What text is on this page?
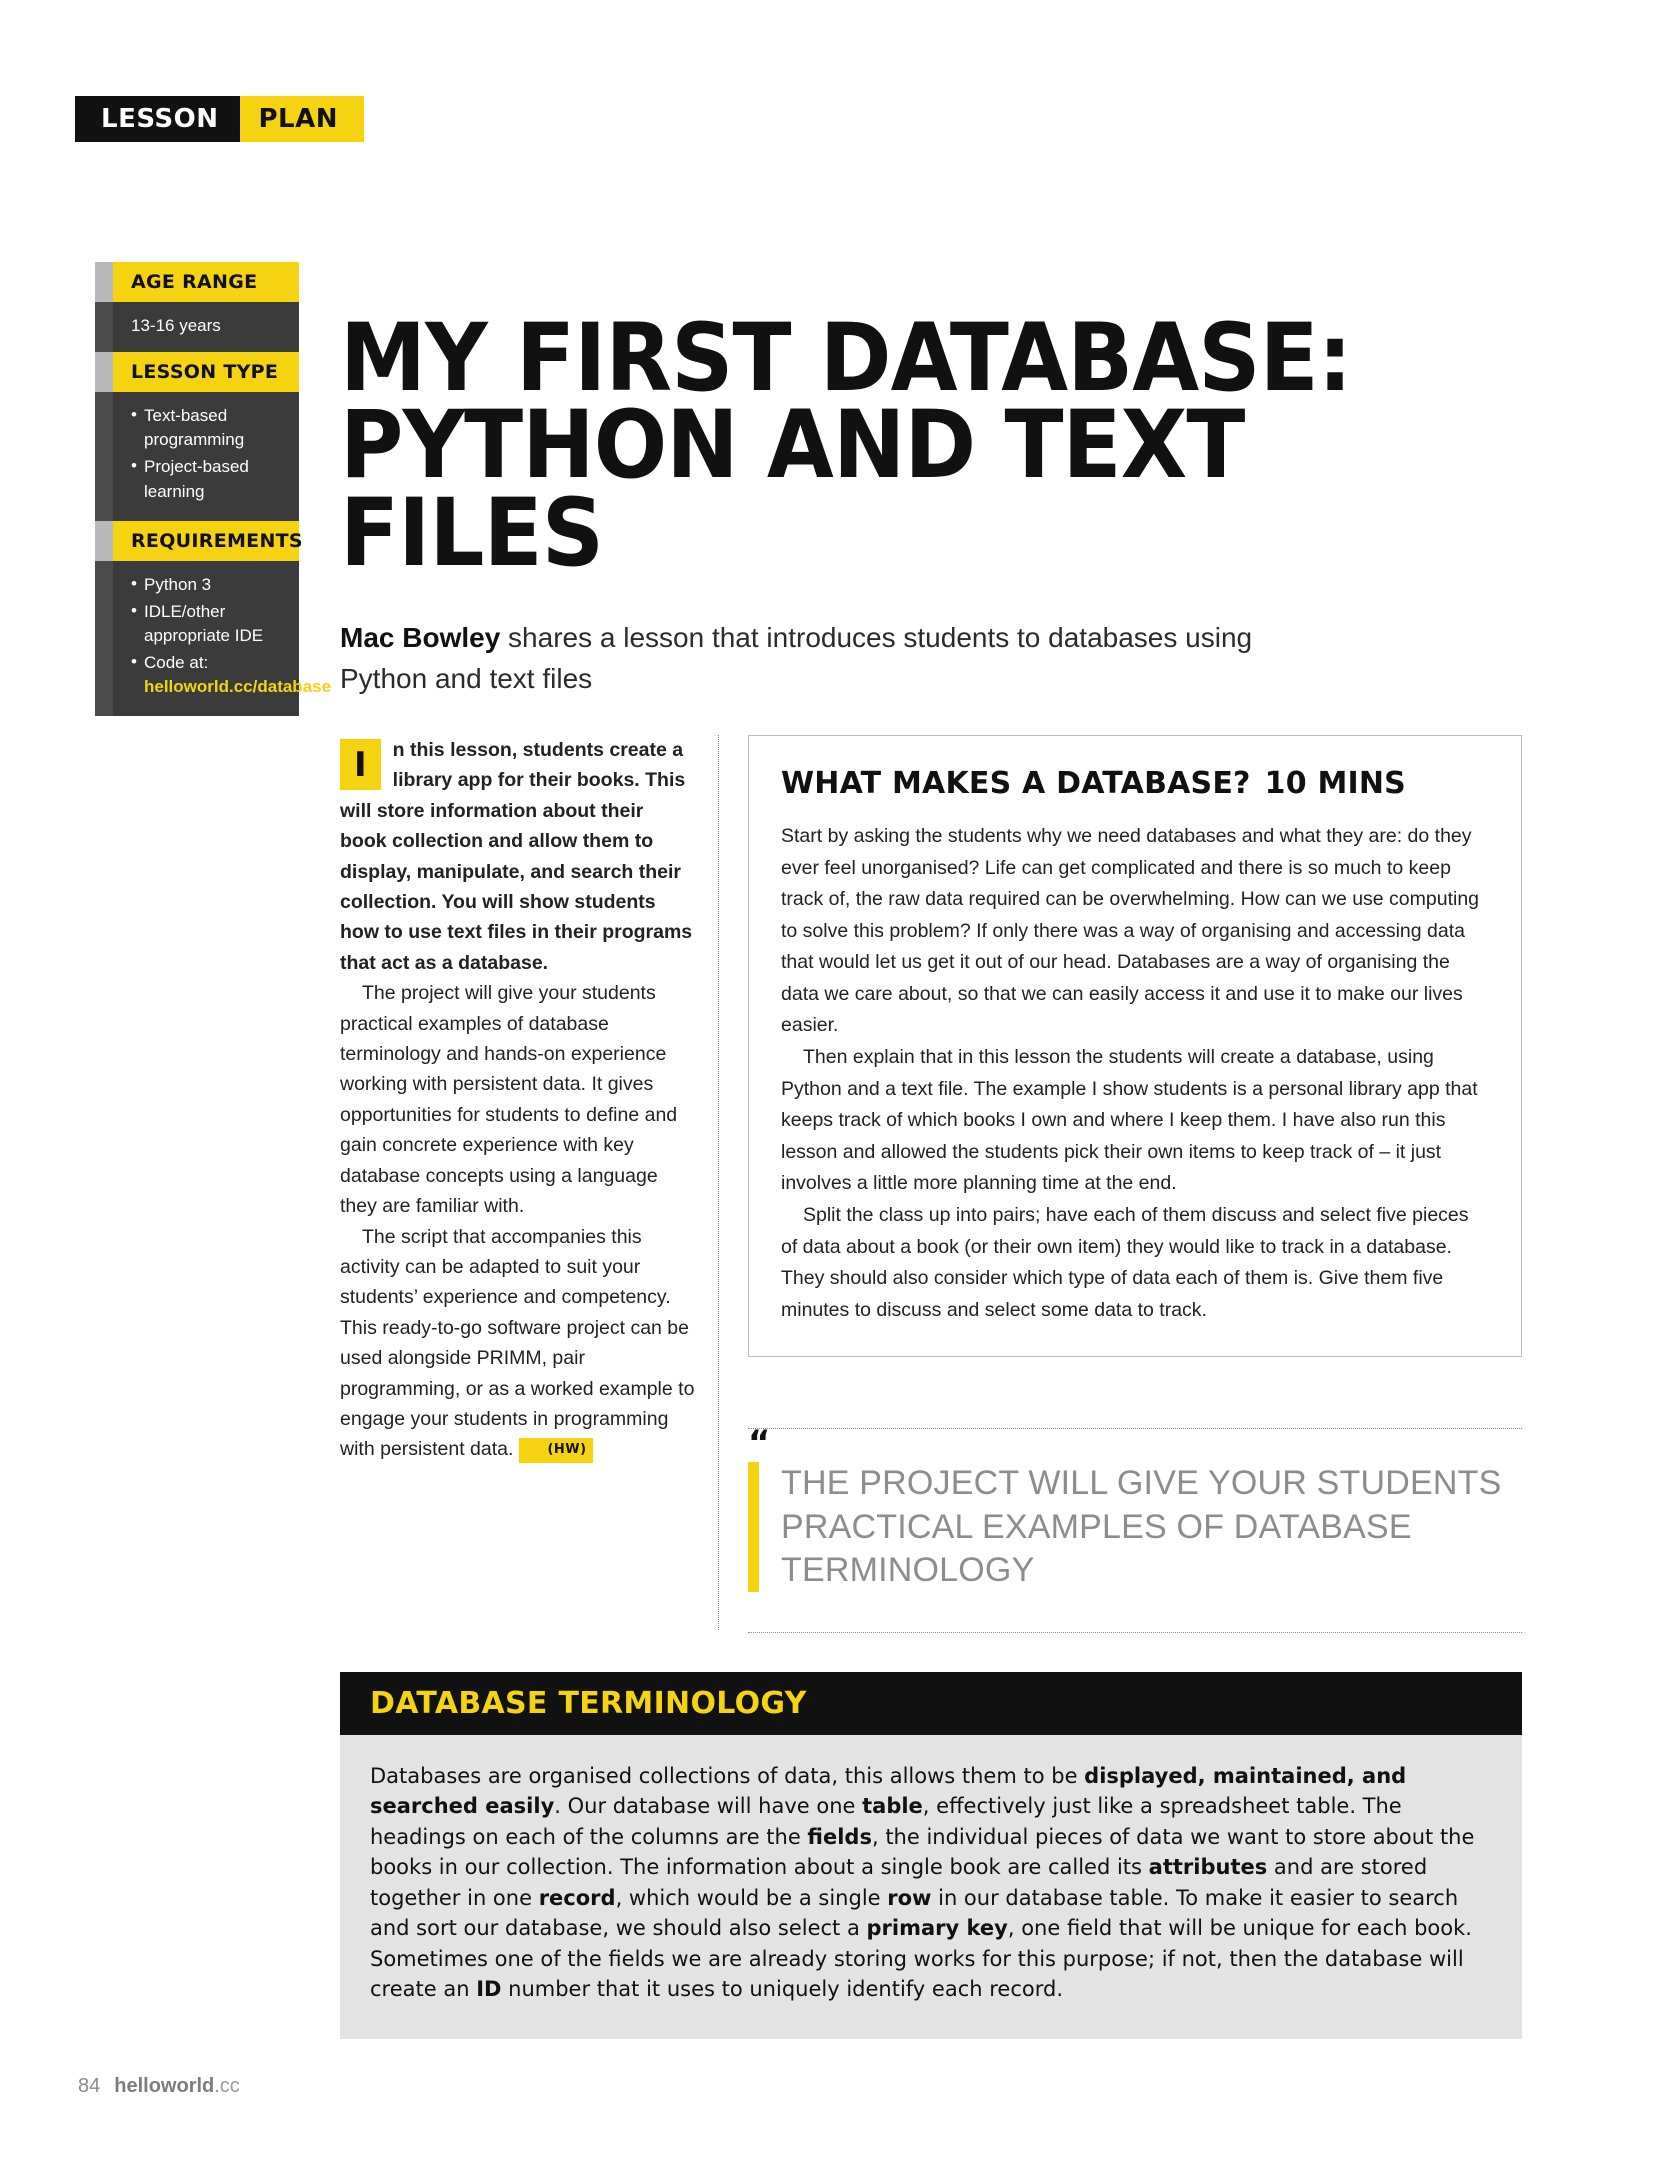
LESSON	PLAN
AGE RANGE

13-16 years

LESSON TYPE
• Text-based programming
• Project-based learning
REQUIREMENTS
• Python 3
• IDLE/other appropriate IDE
• Code at:
helloworld.cc/database
MY FIRST DATABASE:
PYTHON AND TEXT FILES

Mac Bowley shares a lesson that introduces students to databases using Python and text files

I	n this lesson, students create a library app for their books. This will store information about their book collection and allow them to display, manipulate, and search their collection. You will show students how to use text files in their programs that act as a database.

The project will give your students practical examples of database terminology and hands-on experience working with persistent data. It gives opportunities for students to define and gain concrete experience with key database concepts using a language they are familiar with.

The script that accompanies this activity can be adapted to suit your students’ experience and competency. This ready-to-go software project can be used alongside PRIMM, pair programming, or as a worked example to engage your students in programming with persistent data.	(HW)

WHAT MAKES A DATABASE? 10 MINS

Start by asking the students why we need databases and what they are: do they ever feel unorganised? Life can get complicated and there is so much to keep track of, the raw data required can be overwhelming. How can we use computing to solve this problem? If only there was a way of organising and accessing data that would let us get it out of our head. Databases are a way of organising the data we care about, so that we can easily access it and use it to make our lives easier.

Then explain that in this lesson the students will create a database, using Python and a text file. The example I show students is a personal library app that keeps track of which books I own and where I keep them. I have also run this lesson and allowed the students pick their own items to keep track of – it just involves a little more planning time at the end.

Split the class up into pairs; have each of them discuss and select five pieces of data about a book (or their own item) they would like to track in a database. They should also consider which type of data each of them is. Give them five minutes to discuss and select some data to track.

“
THE PROJECT WILL GIVE YOUR STUDENTS PRACTICAL EXAMPLES OF DATABASE TERMINOLOGY
DATABASE TERMINOLOGY
Databases are organised collections of data, this allows them to be displayed, maintained, and searched easily. Our database will have one table, effectively just like a spreadsheet table. The headings on each of the columns are the fields, the individual pieces of data we want to store about the books in our collection. The information about a single book are called its attributes and are stored together in one record, which would be a single row in our database table. To make it easier to search and sort our database, we should also select a primary key, one field that will be unique for each book. Sometimes one of the fields we are already storing works for this purpose; if not, then the database will create an ID number that it uses to uniquely identify each record.
84 helloworld.cc
